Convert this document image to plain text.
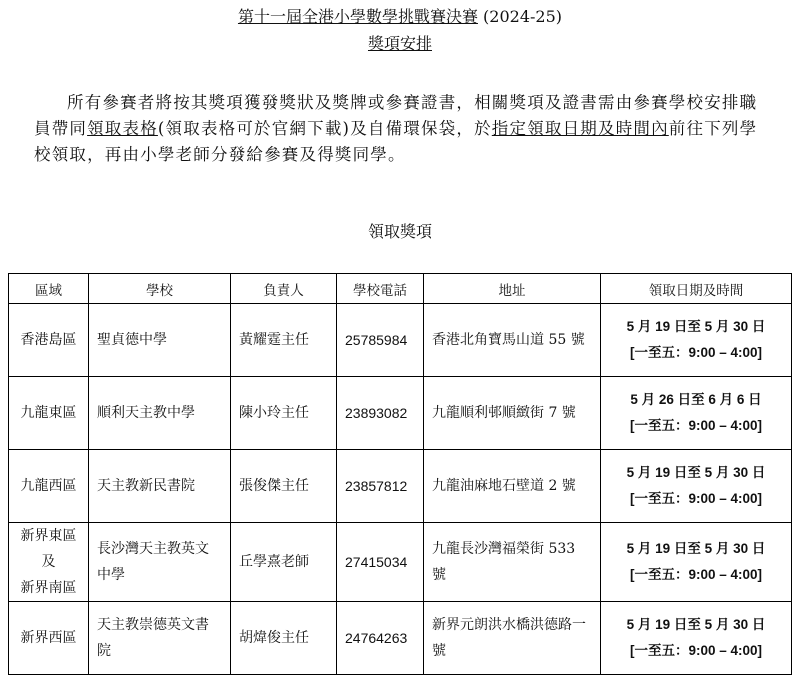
第十一屆全港小學數學挑戰賽決賽 (2024-25)
獎項安排
所有參賽者將按其獎項獲發獎狀及獎牌或參賽證書，相關獎項及證書需由參賽學校安排職員帶同領取表格(領取表格可於官網下載)及自備環保袋，於指定領取日期及時間內前往下列學校領取，再由小學老師分發給參賽及得獎同學。
領取獎項
區域	學校	負責人	學校電話	地址	領取日期及時間

香港島區	聖貞德中學	黃耀霆主任	25785984	香港北角寶馬山道 55 號	5 月 19 日至 5 月 30 日
[一至五：9:00 – 4:00]

九龍東區	順利天主教中學	陳小玲主任	23893082	九龍順利邨順緻街 7 號	5 月 26 日至 6 月 6 日
[一至五：9:00 – 4:00]

九龍西區	天主教新民書院	張俊傑主任	23857812	九龍油麻地石壁道 2 號	5 月 19 日至 5 月 30 日
[一至五：9:00 – 4:00]

新界東區
及
新界南區	長沙灣天主教英文中學	丘學熹老師	27415034	九龍長沙灣福榮街 533 號	5 月 19 日至 5 月 30 日
[一至五：9:00 – 4:00]

新界西區	天主教崇德英文書院	胡煒俊主任	24764263	新界元朗洪水橋洪德路一號	5 月 19 日至 5 月 30 日
[一至五：9:00 – 4:00]
